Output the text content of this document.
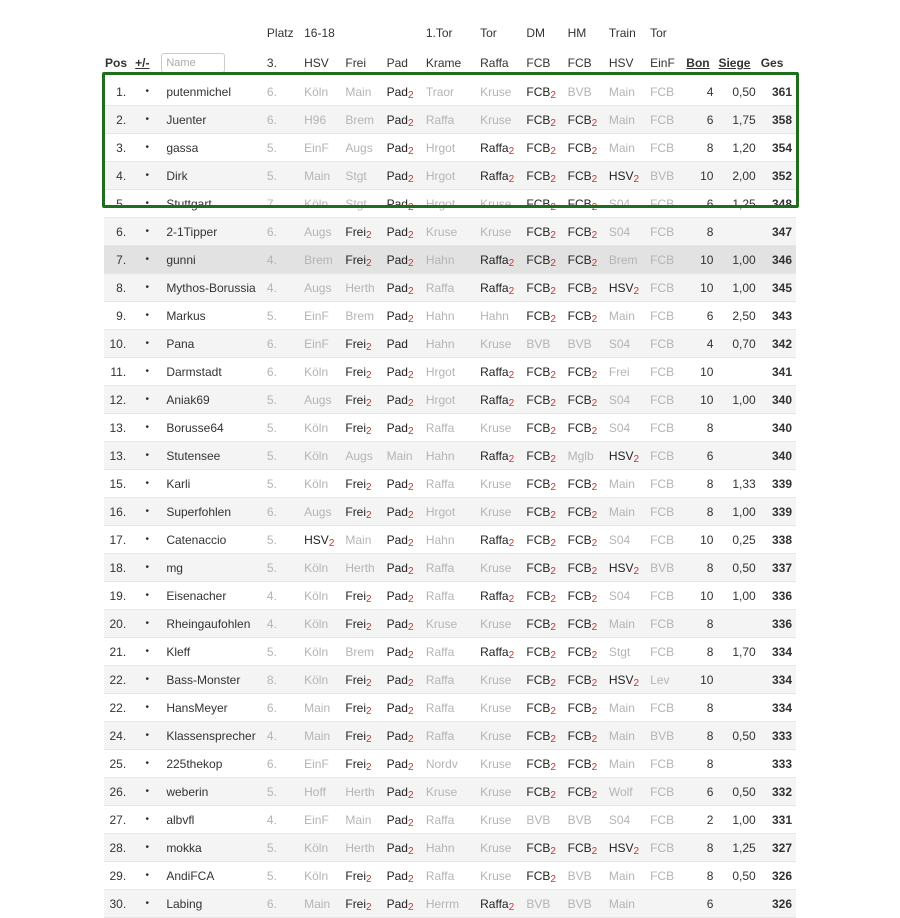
			Platz	16-18			1.Tor	Tor	DM	HM	Train	Tor			
Pos	+/-	Name	3.	HSV	Frei	Pad	Krame	Raffa	FCB	FCB	HSV	EinF	Bon	Siege	Ges
1.	•	putenmichel	6.	Köln	Main	Pad$_2$	Traor	Kruse	$FCB_2$	BVB	Main	FCB	4	0,50	361
2.	•	Juenter	6.	H96	Brem	Pad$_2$	Raffa	Kruse	$FCB_2$	$FCB_2$	Main	FCB	6	1,75	358
3.	•	gassa	5.	EinF	Augs	Pad$_2$	Hrgot	Raffa$_2$	$FCB_2$	$FCB_2$	Main	FCB	8	1,20	354
4.	•	Dirk	5.	Main	Stgt	Pad$_2$	Hrgot	Raffa$_2$	$FCB_2$	$FCB_2$	$HSV_2$	BVB	10	2,00	352
5.	•	Stuttgart	7.	Köln	Stgt	Pad$_2$	Hrgot	Kruse	$FCB_2$	$FCB_2$	S04	FCB	6	1,25	348
6.	•	2-1Tipper	6.	Augs	Frei$_2$	Pad$_2$	Kruse	Kruse	$FCB_2$	$FCB_2$	S04	FCB	8		347
7.	•	gunni	4.	Brem	Frei$_2$	Pad$_2$	Hahn	Raffa$_2$	$FCB_2$	$FCB_2$	Brem	FCB	10	1,00	346
8.	•	Mythos-Borussia	4.	Augs	Herth	Pad$_2$	Raffa	Raffa$_2$	$FCB_2$	$FCB_2$	$HSV_2$	FCB	10	1,00	345
9.	•	Markus	5.	EinF	Brem	Pad$_2$	Hahn	Hahn	$FCB_2$	$FCB_2$	Main	FCB	6	2,50	343
10.	•	Pana	6.	EinF	Frei$_2$	Pad	Hahn	Kruse	BVB	BVB	S04	FCB	4	0,70	342
11.	•	Darmstadt	6.	Köln	Frei$_2$	Pad$_2$	Hrgot	Raffa$_2$	$FCB_2$	$FCB_2$	Frei	FCB	10		341
12.	•	Aniak69	5.	Augs	Frei$_2$	Pad$_2$	Hrgot	Raffa$_2$	$FCB_2$	$FCB_2$	S04	FCB	10	1,00	340
13.	•	Borusse64	5.	Köln	Frei$_2$	Pad$_2$	Raffa	Kruse	$FCB_2$	$FCB_2$	S04	FCB	8		340
13.	•	Stutensee	5.	Köln	Augs	Main	Hahn	Raffa$_2$	$FCB_2$	Mglb	$HSV_2$	FCB	6		340
15.	•	Karli	5.	Köln	Frei$_2$	Pad$_2$	Raffa	Kruse	$FCB_2$	$FCB_2$	Main	FCB	8	1,33	339
16.	•	Superfohlen	6.	Augs	Frei$_2$	Pad$_2$	Hrgot	Kruse	$FCB_2$	$FCB_2$	Main	FCB	8	1,00	339
17.	•	Catenaccio	5.	$HSV_2$	Main	Pad$_2$	Hahn	Raffa$_2$	$FCB_2$	$FCB_2$	S04	FCB	10	0,25	338
18.	•	mg	5.	Köln	Herth	Pad$_2$	Raffa	Kruse	$FCB_2$	$FCB_2$	$HSV_2$	BVB	8	0,50	337
19.	•	Eisenacher	4.	Köln	Frei$_2$	Pad$_2$	Raffa	Raffa$_2$	$FCB_2$	$FCB_2$	S04	FCB	10	1,00	336
20.	•	Rheingaufohlen	4.	Köln	Frei$_2$	Pad$_2$	Kruse	Kruse	$FCB_2$	$FCB_2$	Main	FCB	8		336
21.	•	Kleff	5.	Köln	Brem	Pad$_2$	Raffa	Raffa$_2$	$FCB_2$	$FCB_2$	Stgt	FCB	8	1,70	334
22.	•	Bass-Monster	8.	Köln	Frei$_2$	Pad$_2$	Raffa	Kruse	$FCB_2$	$FCB_2$	$HSV_2$	Lev	10		334
22.	•	HansMeyer	6.	Main	Frei$_2$	Pad$_2$	Raffa	Kruse	$FCB_2$	$FCB_2$	Main	FCB	8		334
24.	•	Klassensprecher	4.	Main	Frei$_2$	Pad$_2$	Raffa	Kruse	$FCB_2$	$FCB_2$	Main	BVB	8	0,50	333
25.	•	225thekop	6.	EinF	Frei$_2$	Pad$_2$	Nordv	Kruse	$FCB_2$	$FCB_2$	Main	FCB	8		333
26.	•	weberin	5.	Hoff	Herth	Pad$_2$	Kruse	Kruse	$FCB_2$	$FCB_2$	Wolf	FCB	6	0,50	332
27.	•	albvfl	4.	EinF	Main	Pad$_2$	Raffa	Kruse	BVB	BVB	S04	FCB	2	1,00	331
28.	•	mokka	5.	Köln	Herth	Pad$_2$	Hahn	Kruse	$FCB_2$	$FCB_2$	$HSV_2$	FCB	8	1,25	327
29.	•	AndiFCA	5.	Köln	Frei$_2$	Pad$_2$	Raffa	Kruse	$FCB_2$	BVB	Main	FCB	8	0,50	326
30.	•	Labing	6.	Main	Frei$_2$	Pad$_2$	Herrm	Raffa$_2$	BVB	BVB	Main		6		326
